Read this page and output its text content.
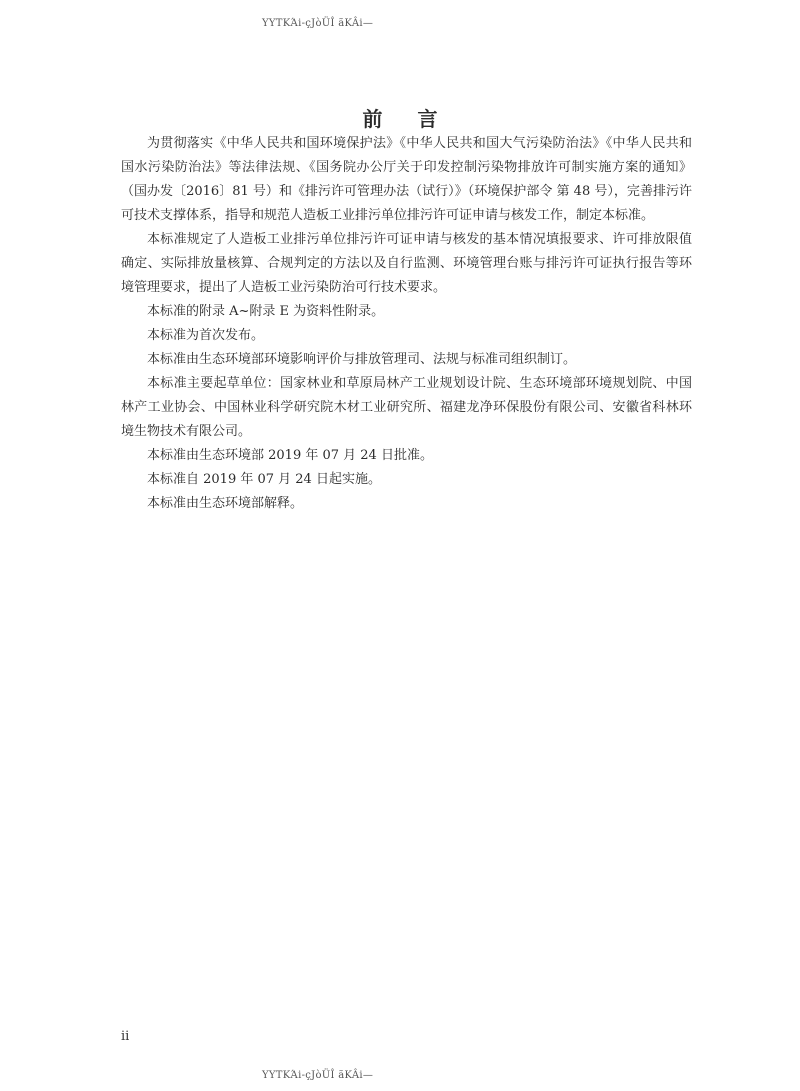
ΥΥΤΚΆi-çJòÜÎ ãKÂi—
前 言

为贯彻落实《中华人民共和国环境保护法》《中华人民共和国大气污染防治法》《中华人民共和国水污染防治法》等法律法规、《国务院办公厅关于印发控制污染物排放许可制实施方案的通知》（国办发〔2016〕81 号）和《排污许可管理办法（试行）》（环境保护部令 第 48 号），完善排污许可技术支撑体系，指导和规范人造板工业排污单位排污许可证申请与核发工作，制定本标准。

本标准规定了人造板工业排污单位排污许可证申请与核发的基本情况填报要求、许可排放限值确定、实际排放量核算、合规判定的方法以及自行监测、环境管理台账与排污许可证执行报告等环境管理要求，提出了人造板工业污染防治可行技术要求。

本标准的附录 A~附录 E 为资料性附录。

本标准为首次发布。

本标准由生态环境部环境影响评价与排放管理司、法规与标准司组织制订。

本标准主要起草单位：国家林业和草原局林产工业规划设计院、生态环境部环境规划院、中国林产工业协会、中国林业科学研究院木材工业研究所、福建龙净环保股份有限公司、安徽省科林环境生物技术有限公司。

本标准由生态环境部 2019 年 07 月 24 日批准。

本标准自 2019 年 07 月 24 日起实施。

本标准由生态环境部解释。

ii
ΥΥΤΚΆi-çJòÜÎ ãKÂi—
